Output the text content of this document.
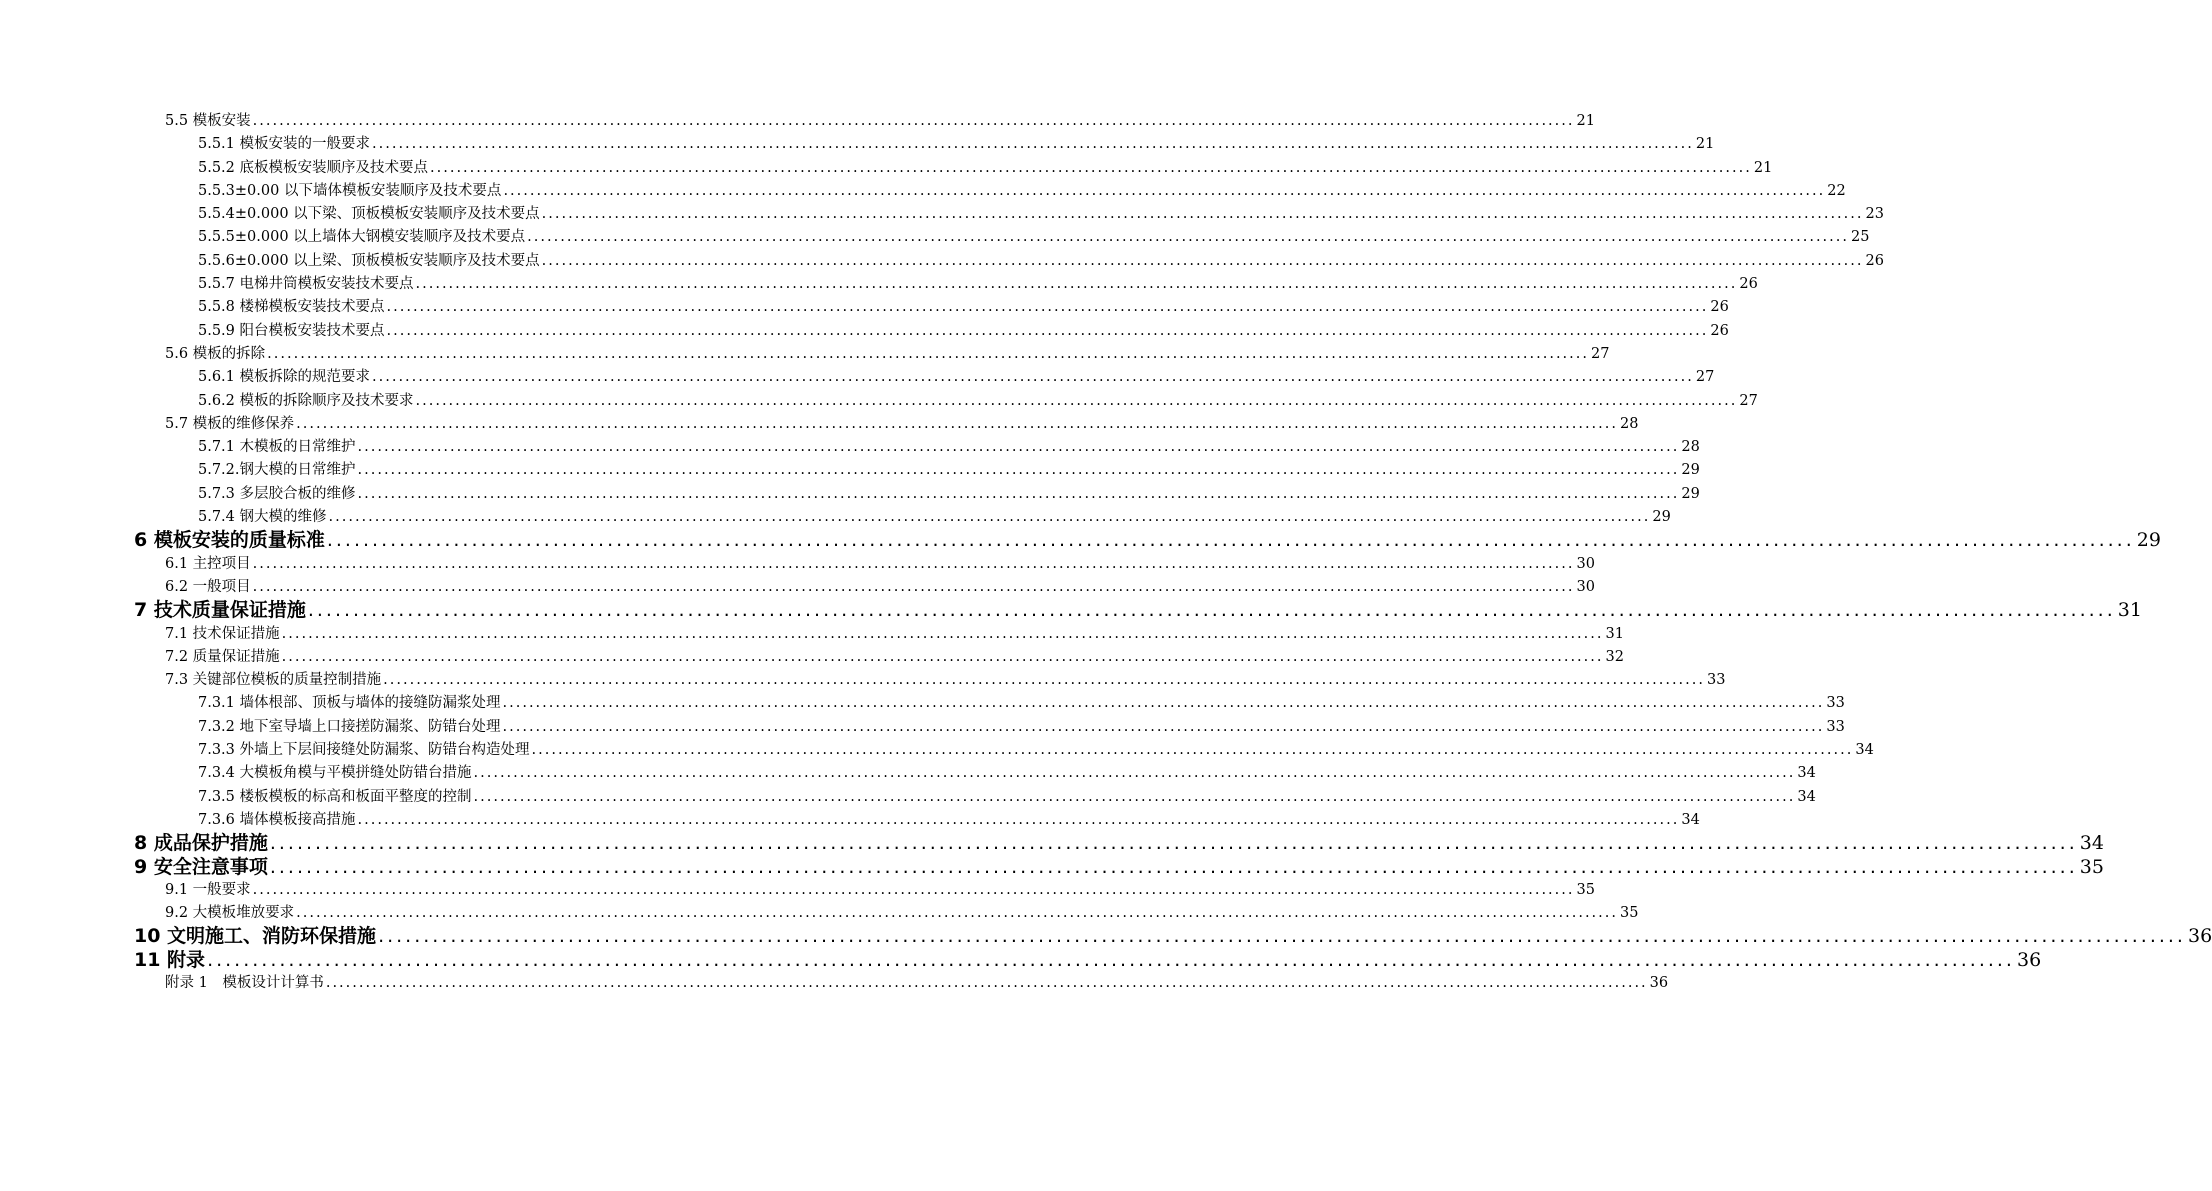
5.5 模板安装 ........................................................................................................................................................................................................ 21
5.5.1 模板安装的一般要求 ........................................................................................................................................................................................................ 21
5.5.2 底板模板安装顺序及技术要点 ........................................................................................................................................................................................................ 21
5.5.3±0.00 以下墙体模板安装顺序及技术要点 ........................................................................................................................................................................................................ 22
5.5.4±0.000 以下梁、顶板模板安装顺序及技术要点 ........................................................................................................................................................................................................ 23
5.5.5±0.000 以上墙体大钢模安装顺序及技术要点 ........................................................................................................................................................................................................ 25
5.5.6±0.000 以上梁、顶板模板安装顺序及技术要点 ........................................................................................................................................................................................................ 26
5.5.7 电梯井筒模板安装技术要点 ........................................................................................................................................................................................................ 26
5.5.8 楼梯模板安装技术要点 ........................................................................................................................................................................................................ 26
5.5.9 阳台模板安装技术要点 ........................................................................................................................................................................................................ 26
5.6 模板的拆除 ........................................................................................................................................................................................................ 27
5.6.1 模板拆除的规范要求 ........................................................................................................................................................................................................ 27
5.6.2 模板的拆除顺序及技术要求 ........................................................................................................................................................................................................ 27
5.7 模板的维修保养 ........................................................................................................................................................................................................ 28
5.7.1 木模板的日常维护 ........................................................................................................................................................................................................ 28
5.7.2.钢大模的日常维护 ........................................................................................................................................................................................................ 29
5.7.3 多层胶合板的维修 ........................................................................................................................................................................................................ 29
5.7.4 钢大模的维修 ........................................................................................................................................................................................................ 29
6 模板安装的质量标准 ........................................................................................................................................................................................................ 29
6.1 主控项目 ........................................................................................................................................................................................................ 30
6.2 一般项目 ........................................................................................................................................................................................................ 30
7 技术质量保证措施 ........................................................................................................................................................................................................ 31
7.1 技术保证措施 ........................................................................................................................................................................................................ 31
7.2 质量保证措施 ........................................................................................................................................................................................................ 32
7.3 关键部位模板的质量控制措施 ........................................................................................................................................................................................................ 33
7.3.1 墙体根部、顶板与墙体的接缝防漏浆处理 ........................................................................................................................................................................................................ 33
7.3.2 地下室导墙上口接搓防漏浆、防错台处理 ........................................................................................................................................................................................................ 33
7.3.3 外墙上下层间接缝处防漏浆、防错台构造处理 ........................................................................................................................................................................................................ 34
7.3.4 大模板角模与平模拼缝处防错台措施 ........................................................................................................................................................................................................ 34
7.3.5 楼板模板的标高和板面平整度的控制 ........................................................................................................................................................................................................ 34
7.3.6 墙体模板接高措施 ........................................................................................................................................................................................................ 34
8 成品保护措施 ........................................................................................................................................................................................................ 34
9 安全注意事项 ........................................................................................................................................................................................................ 35
9.1 一般要求 ........................................................................................................................................................................................................ 35
9.2 大模板堆放要求 ........................................................................................................................................................................................................ 35
10 文明施工、消防环保措施 ........................................................................................................................................................................................................ 36
11 附录 ........................................................................................................................................................................................................ 36
附录 1　模板设计计算书 ........................................................................................................................................................................................................ 36
